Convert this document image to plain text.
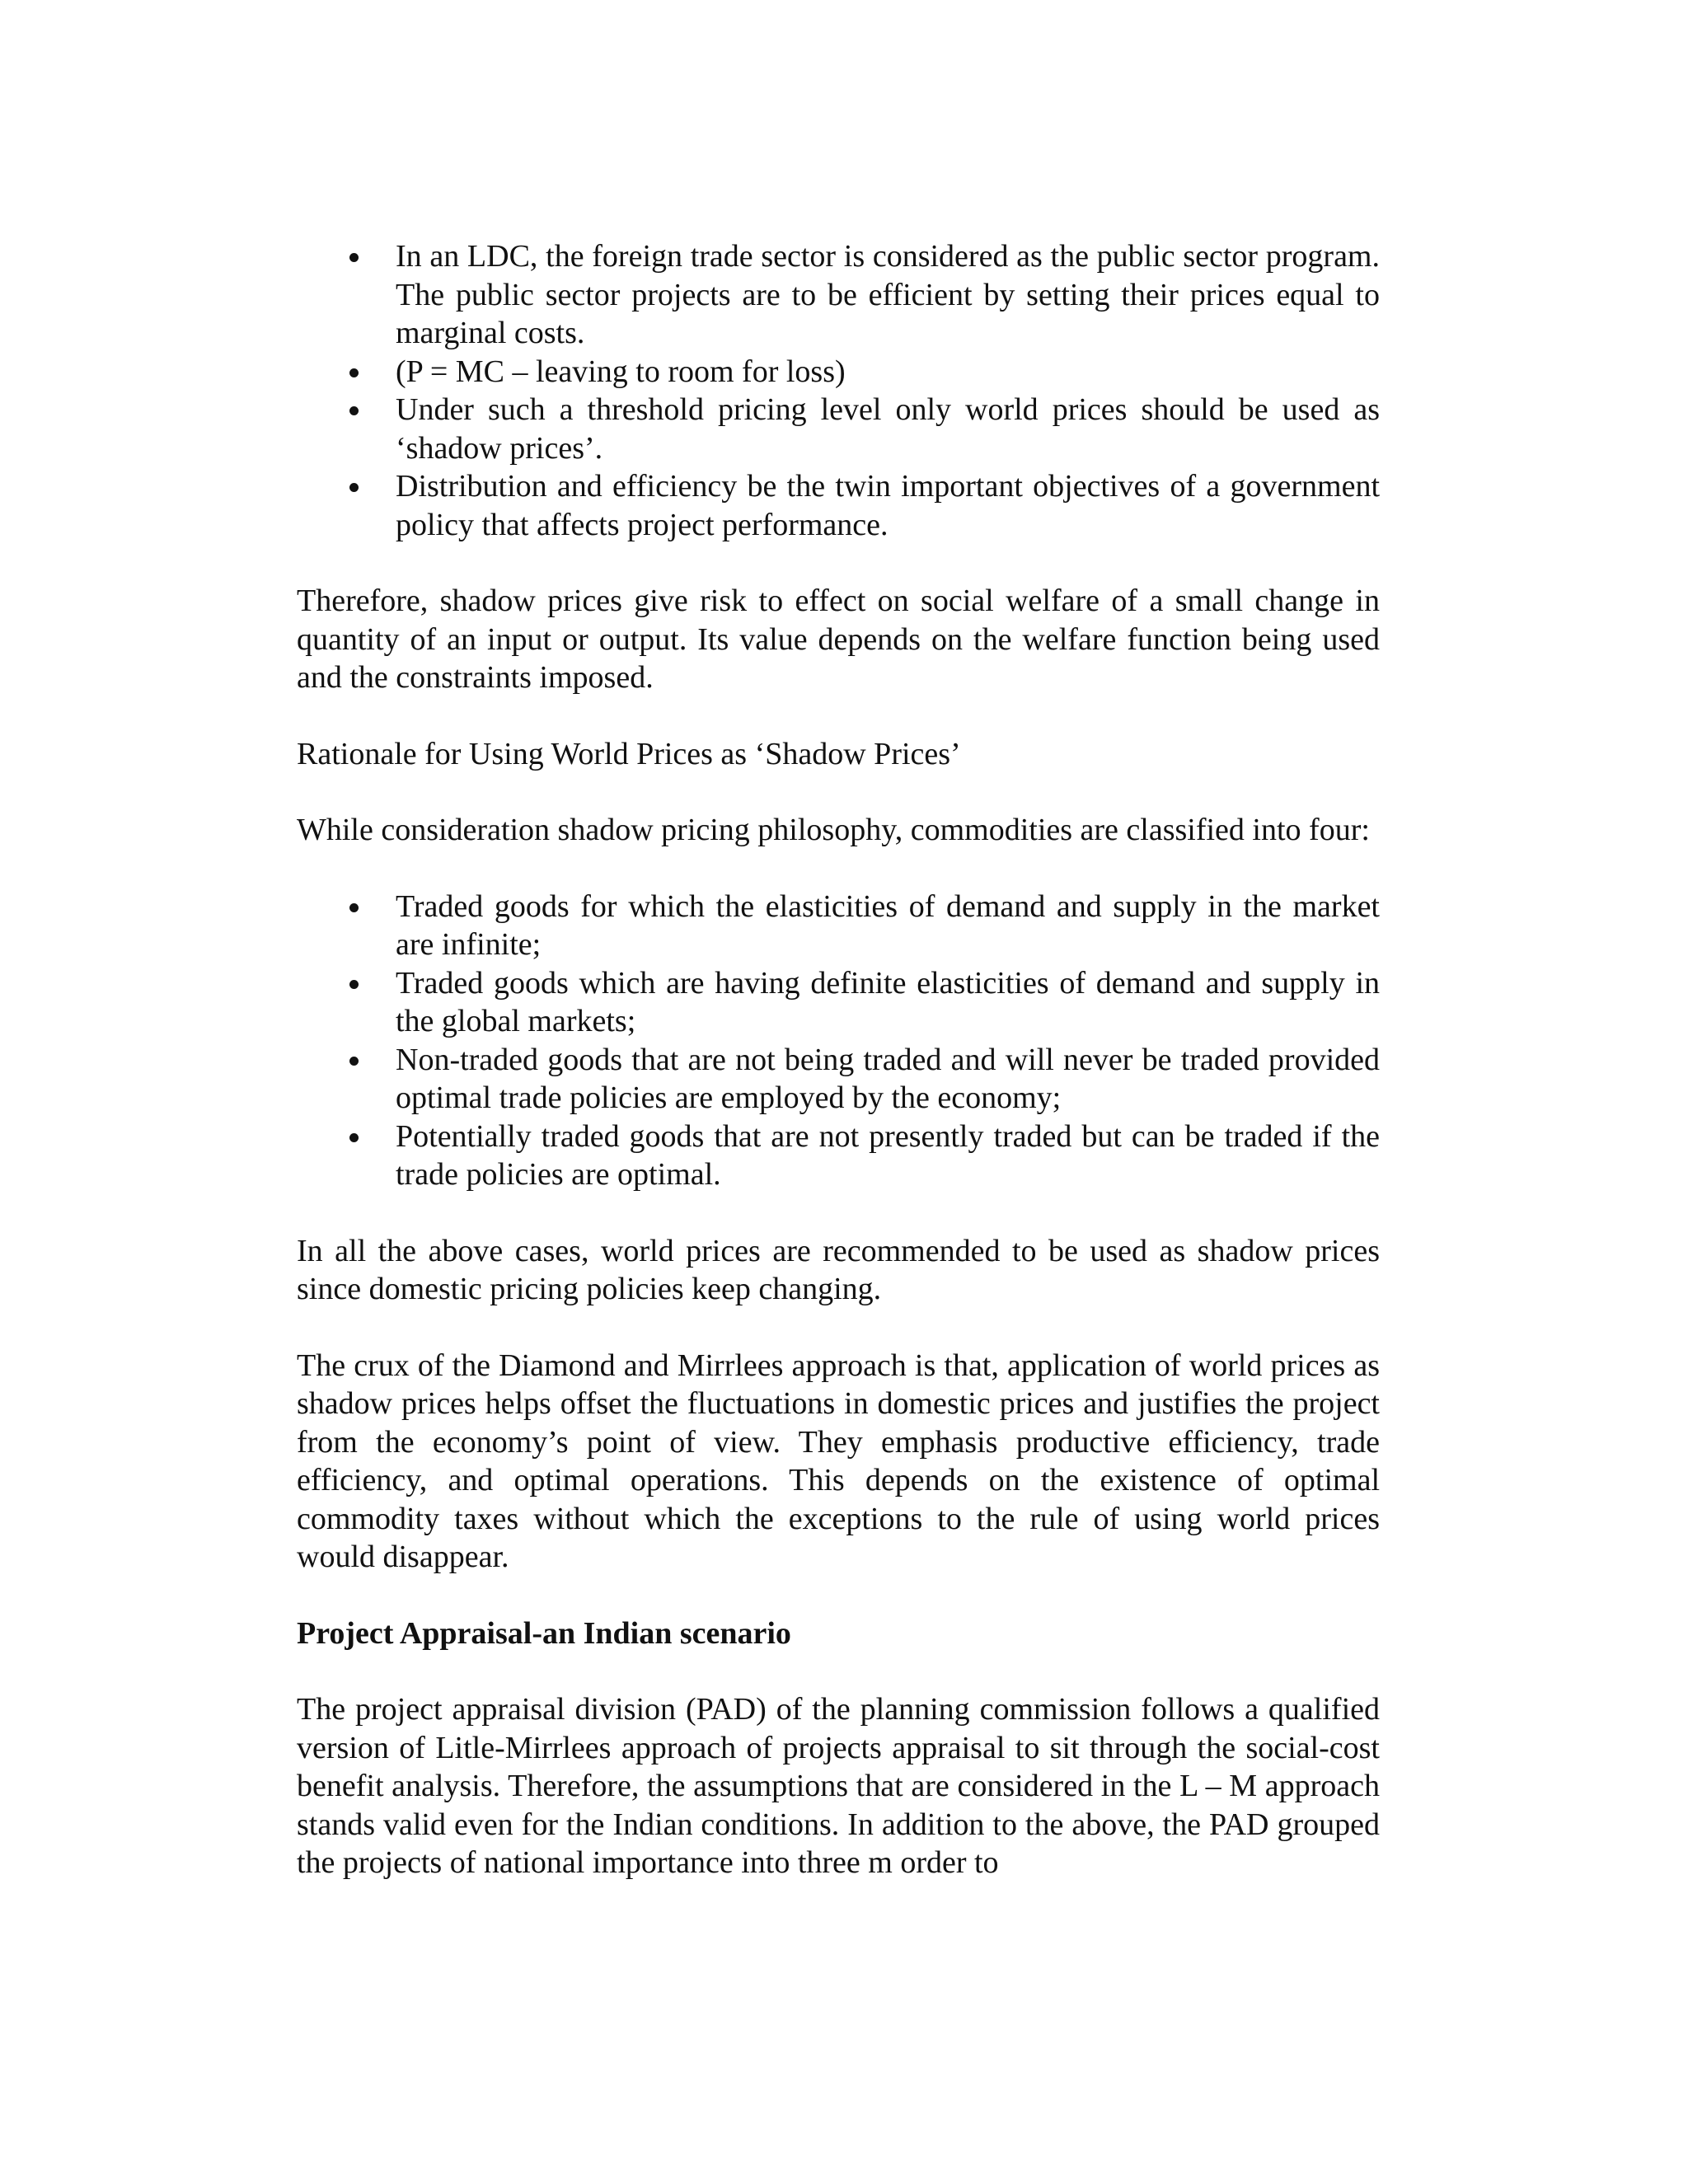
In an LDC, the foreign trade sector is considered as the public sector program. The public sector projects are to be efficient by setting their prices equal to marginal costs.
(P = MC – leaving to room for loss)
Under such a threshold pricing level only world prices should be used as ‘shadow prices’.
Distribution and efficiency be the twin important objectives of a government policy that affects project performance.

Therefore, shadow prices give risk to effect on social welfare of a small change in quantity of an input or output. Its value depends on the welfare function being used and the constraints imposed.

Rationale for Using World Prices as ‘Shadow Prices’

While consideration shadow pricing philosophy, commodities are classified into four:

Traded goods for which the elasticities of demand and supply in the market are infinite;
Traded goods which are having definite elasticities of demand and supply in the global markets;
Non-traded goods that are not being traded and will never be traded provided optimal trade policies are employed by the economy;
Potentially traded goods that are not presently traded but can be traded if the trade policies are optimal.

In all the above cases, world prices are recommended to be used as shadow prices since domestic pricing policies keep changing.

The crux of the Diamond and Mirrlees approach is that, application of world prices as shadow prices helps offset the fluctuations in domestic prices and justifies the project from the economy’s point of view. They emphasis productive efficiency, trade efficiency, and optimal operations. This depends on the existence of optimal commodity taxes without which the exceptions to the rule of using world prices would disappear.

Project Appraisal-an Indian scenario

The project appraisal division (PAD) of the planning commission follows a qualified version of Litle-Mirrlees approach of projects appraisal to sit through the social-cost benefit analysis. Therefore, the assumptions that are considered in the L – M approach stands valid even for the Indian conditions. In addition to the above, the PAD grouped the projects of national importance into three m order to
